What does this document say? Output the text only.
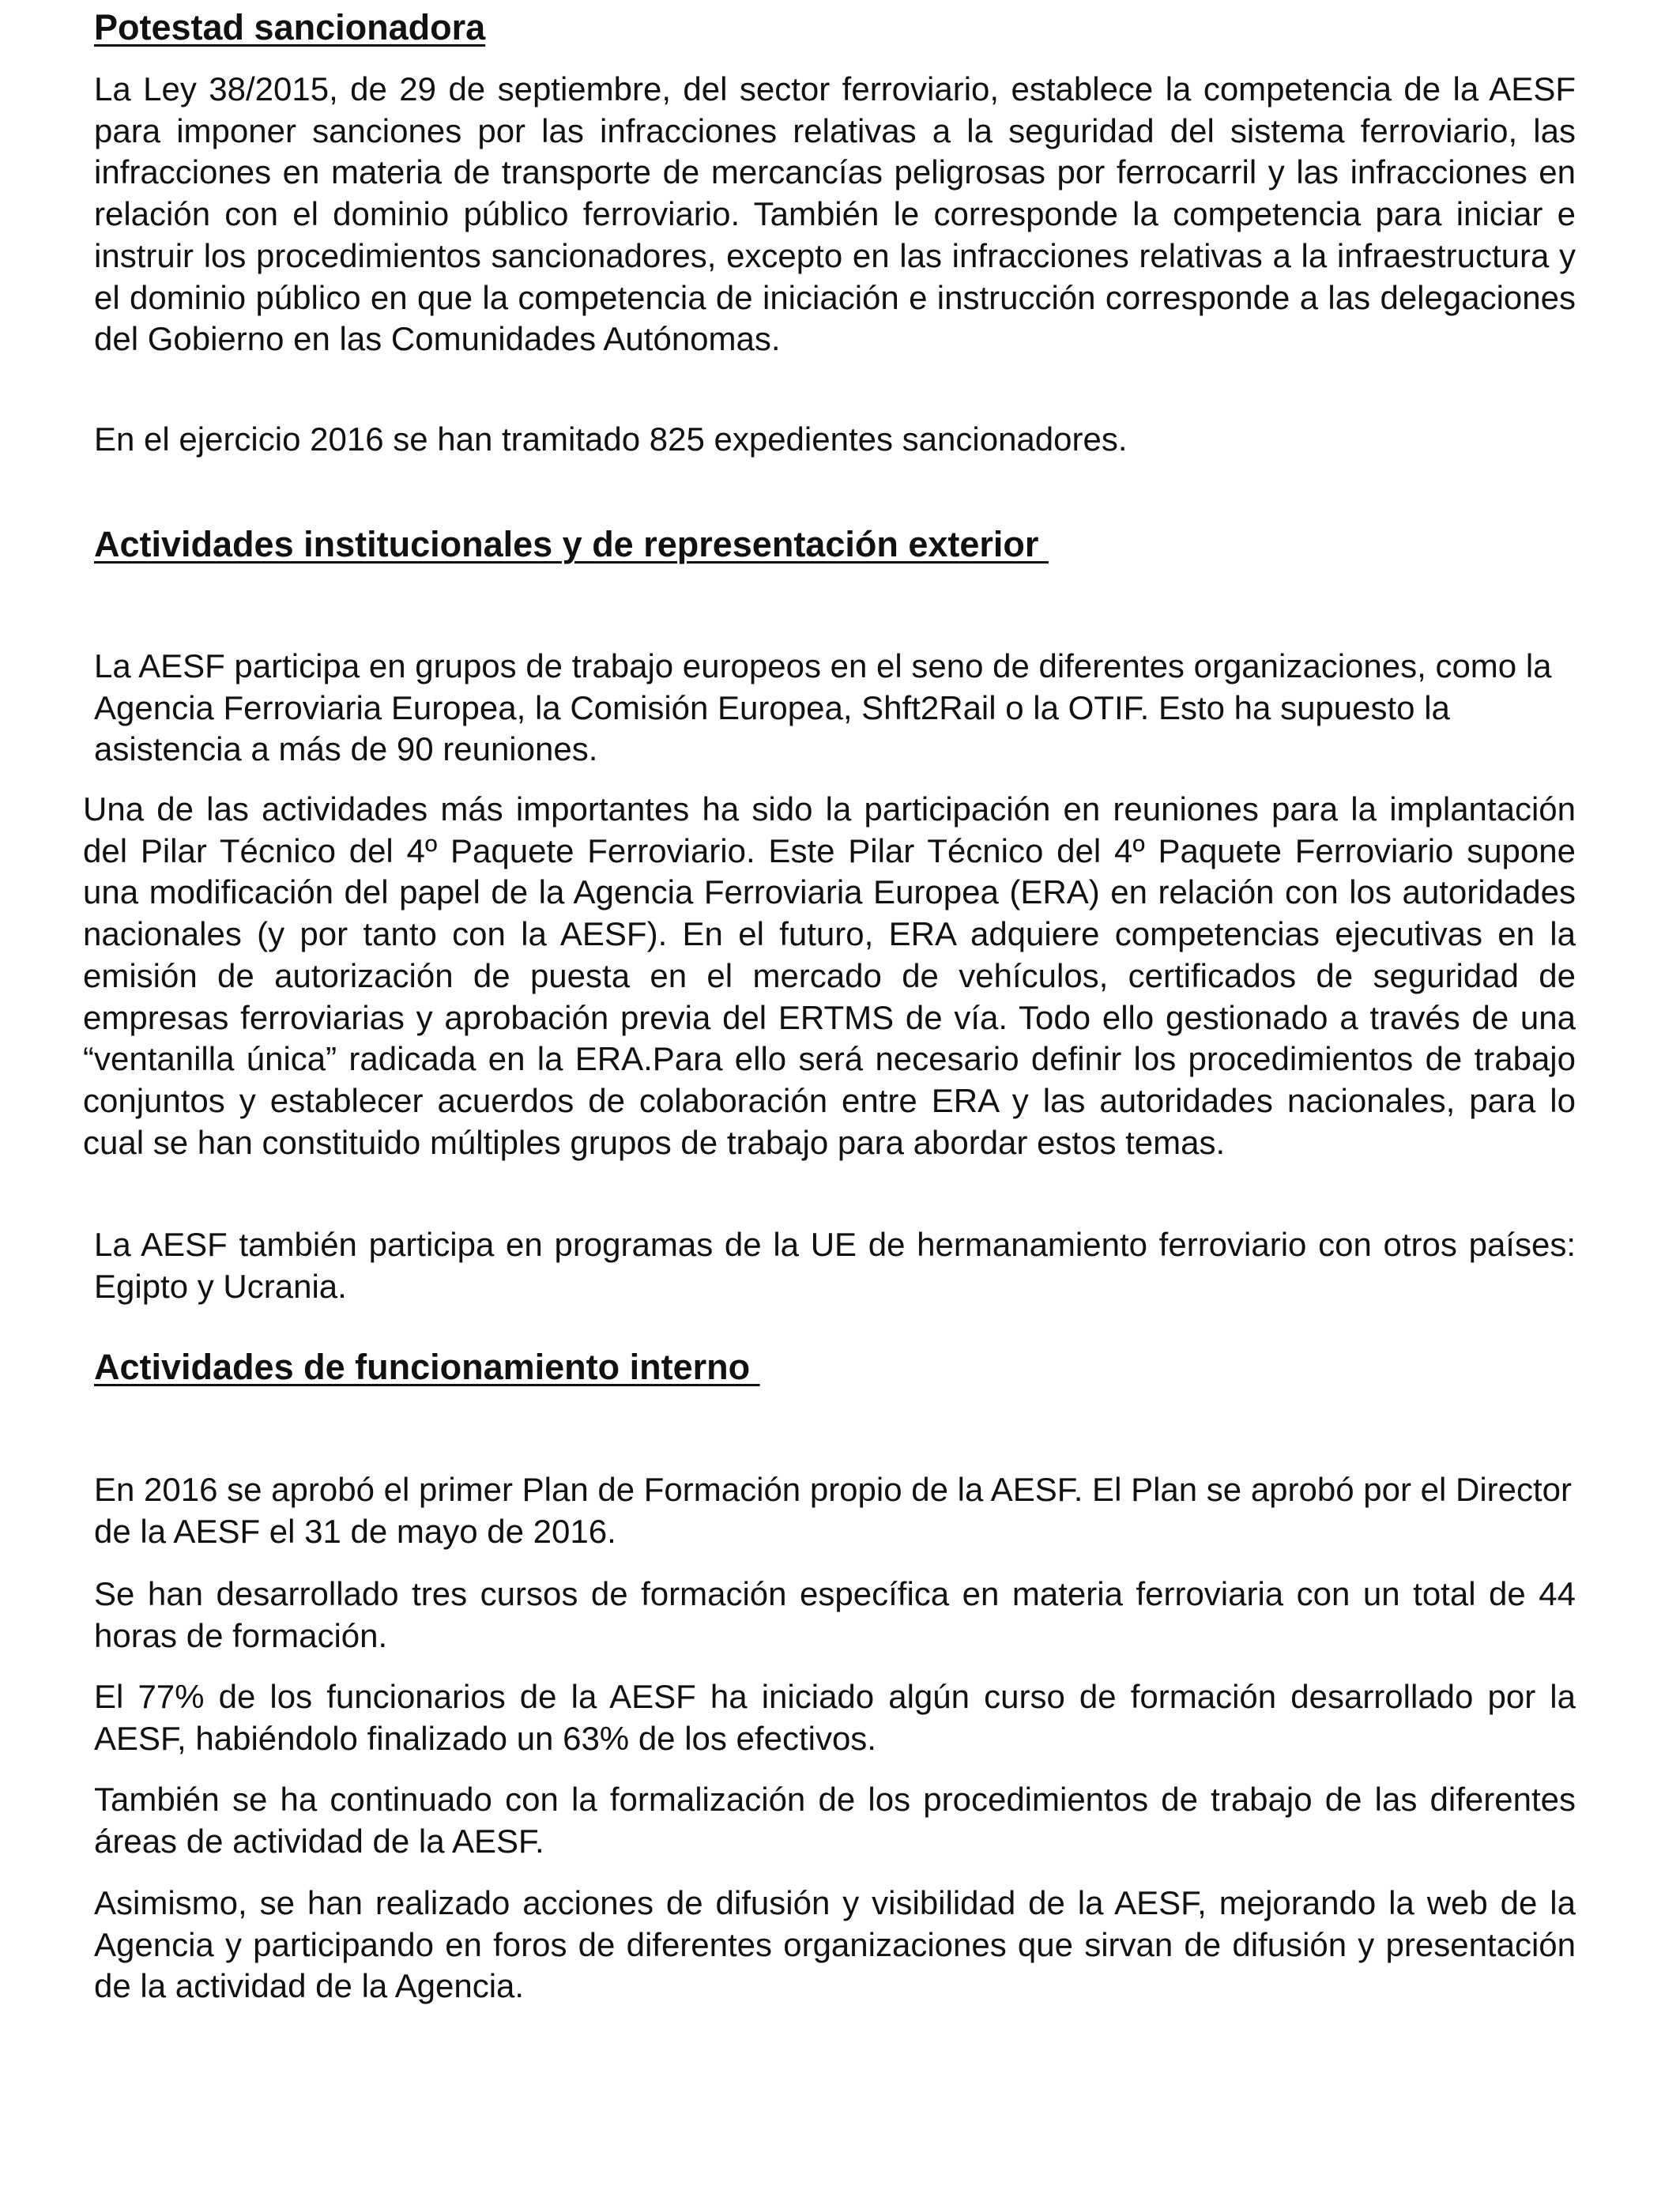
Potestad sancionadora

La Ley 38/2015, de 29 de septiembre, del sector ferroviario, establece la competencia de la AESF para imponer sanciones por las infracciones relativas a la seguridad del sistema ferroviario, las infracciones en materia de transporte de mercancías peligrosas por ferrocarril y las infracciones en relación con el dominio público ferroviario. También le corresponde la competencia para iniciar e instruir los procedimientos sancionadores, excepto en las infracciones relativas a la infraestructura y el dominio público en que la competencia de iniciación e instrucción corresponde a las delegaciones del Gobierno en las Comunidades Autónomas.

En el ejercicio 2016 se han tramitado 825 expedientes sancionadores.

Actividades institucionales y de representación exterior

La AESF participa en grupos de trabajo europeos en el seno de diferentes organizaciones, como la Agencia Ferroviaria Europea, la Comisión Europea, Shft2Rail o la OTIF. Esto ha supuesto la asistencia a más de 90 reuniones.

Una de las actividades más importantes ha sido la participación en reuniones para la implantación del Pilar Técnico del 4º Paquete Ferroviario. Este Pilar Técnico del 4º Paquete Ferroviario supone una modificación del papel de la Agencia Ferroviaria Europea (ERA) en relación con los autoridades nacionales (y por tanto con la AESF). En el futuro, ERA adquiere competencias ejecutivas en la emisión de autorización de puesta en el mercado de vehículos, certificados de seguridad de empresas ferroviarias y aprobación previa del ERTMS de vía. Todo ello gestionado a través de una “ventanilla única” radicada en la ERA.Para ello será necesario definir los procedimientos de trabajo conjuntos y establecer acuerdos de colaboración entre ERA y las autoridades nacionales, para lo cual se han constituido múltiples grupos de trabajo para abordar estos temas.

La AESF también participa en programas de la UE de hermanamiento ferroviario con otros países: Egipto y Ucrania.

Actividades de funcionamiento interno

En 2016 se aprobó el primer Plan de Formación propio de la AESF. El Plan se aprobó por el Director de la AESF el 31 de mayo de 2016.

Se han desarrollado tres cursos de formación específica en materia ferroviaria con un total de 44 horas de formación.

El 77% de los funcionarios de la AESF ha iniciado algún curso de formación desarrollado por la AESF, habiéndolo finalizado un 63% de los efectivos.

También se ha continuado con la formalización de los procedimientos de trabajo de las diferentes áreas de actividad de la AESF.

Asimismo, se han realizado acciones de difusión y visibilidad de la AESF, mejorando la web de la Agencia y participando en foros de diferentes organizaciones que sirvan de difusión y presentación de la actividad de la Agencia.
